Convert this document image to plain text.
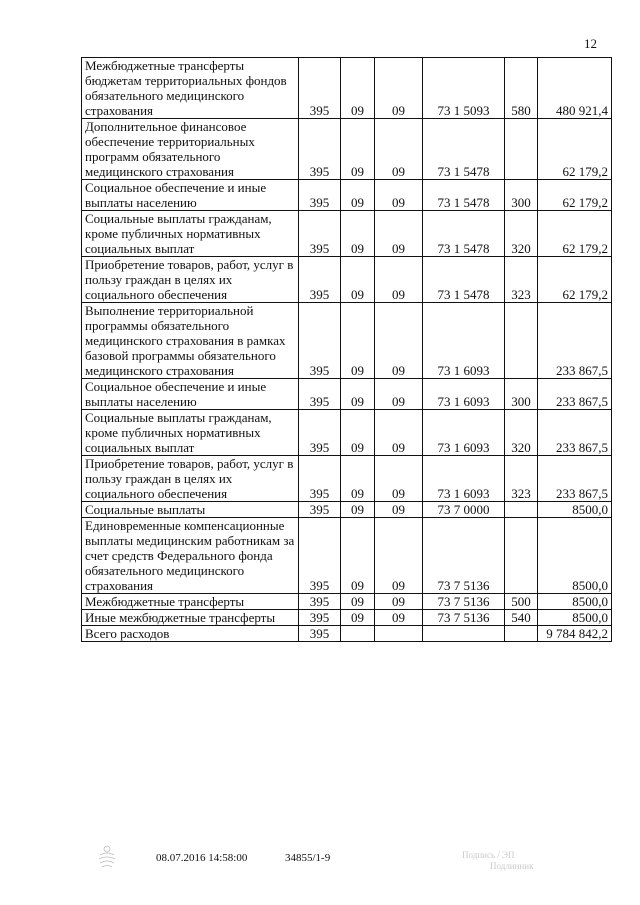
12
Межбюджетные трансферты бюджетам территориальных фондов обязательного медицинского страхования	395	09	09	73 1 5093	580	480 921,4
Дополнительное финансовое обеспечение территориальных программ обязательного медицинского страхования	395	09	09	73 1 5478		62 179,2
Социальное обеспечение и иные выплаты населению	395	09	09	73 1 5478	300	62 179,2
Социальные выплаты гражданам, кроме публичных нормативных социальных выплат	395	09	09	73 1 5478	320	62 179,2
Приобретение товаров, работ, услуг в пользу граждан в целях их социального обеспечения	395	09	09	73 1 5478	323	62 179,2
Выполнение территориальной программы обязательного медицинского страхования в рамках базовой программы обязательного медицинского страхования	395	09	09	73 1 6093		233 867,5
Социальное обеспечение и иные выплаты населению	395	09	09	73 1 6093	300	233 867,5
Социальные выплаты гражданам, кроме публичных нормативных социальных выплат	395	09	09	73 1 6093	320	233 867,5
Приобретение товаров, работ, услуг в пользу граждан в целях их социального обеспечения	395	09	09	73 1 6093	323	233 867,5
Социальные выплаты	395	09	09	73 7 0000		8500,0
Единовременные компенсационные выплаты медицинским работникам за счет средств Федерального фонда обязательного медицинского страхования	395	09	09	73 7 5136		8500,0
Межбюджетные трансферты	395	09	09	73 7 5136	500	8500,0
Иные межбюджетные трансферты	395	09	09	73 7 5136	540	8500,0
Всего расходов	395					9 784 842,2
08.07.2016 14:58:00	34855/1-9	Подпись / ЭП
Подлинник
